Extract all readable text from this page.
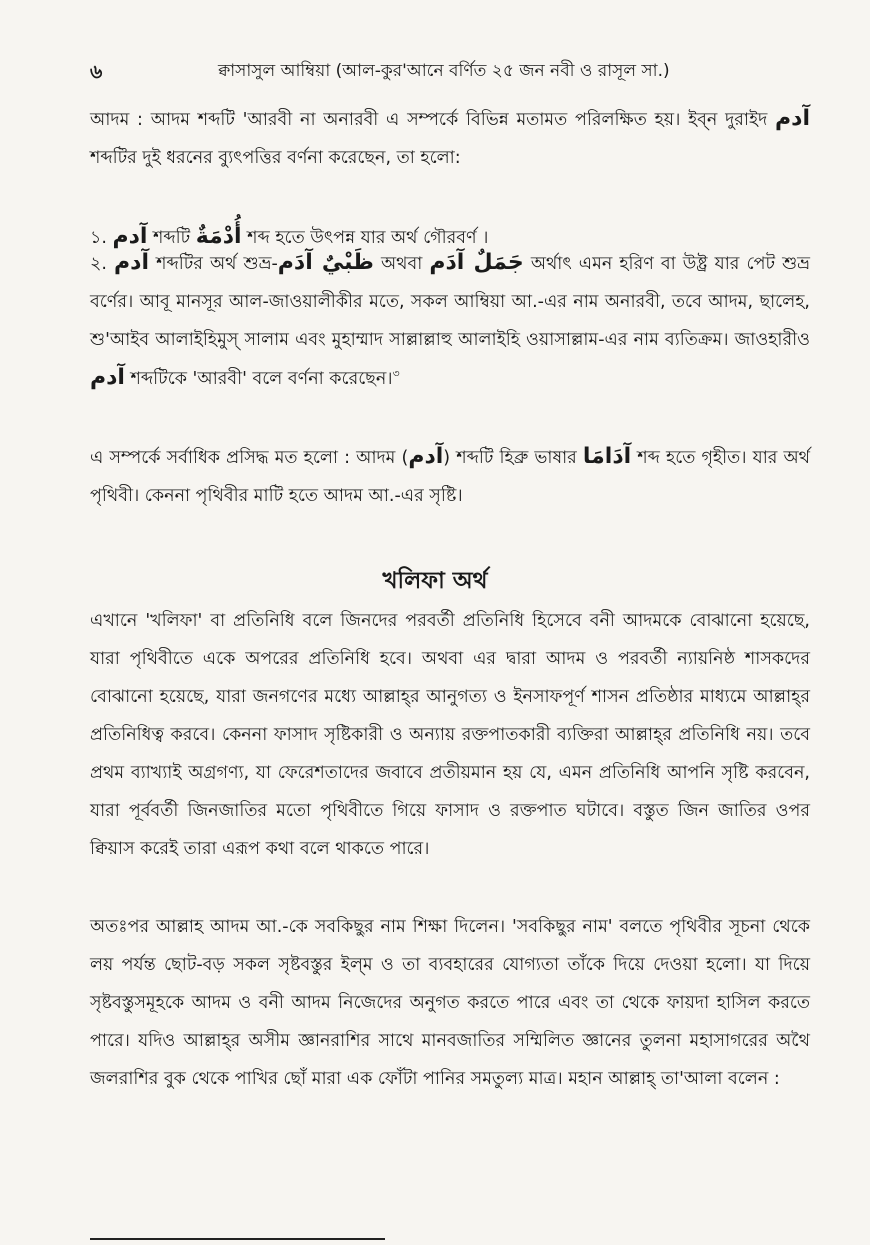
৬	ক্বাসাসুল আম্বিয়া (আল-কুর'আনে বর্ণিত ২৫ জন নবী ও রাসূল সা.)

আদম : আদম শব্দটি 'আরবী না অনারবী এ সম্পর্কে বিভিন্ন মতামত পরিলক্ষিত হয়। ইব্‌ন দুরাইদ آدم শব্দটির দুই ধরনের ব্যুৎপত্তির বর্ণনা করেছেন, তা হলো:

১. آدم শব্দটি أُدْمَةٌ শব্দ হতে উৎপন্ন যার অর্থ গৌরবর্ণ ।

২. آدم শব্দটির অর্থ শুভ্র-ظَبْيٌ آدَم অথবা جَمَلٌ آدَم অর্থাৎ এমন হরিণ বা উষ্ট্র যার পেট শুভ্র বর্ণের। আবূ মানসূর আল-জাওয়ালীকীর মতে, সকল আম্বিয়া আ.-এর নাম অনারবী, তবে আদম, ছালেহ, শু'আইব আলাইহিমুস্ সালাম এবং মুহাম্মাদ সাল্লাল্লাহু আলাইহি ওয়াসাল্লাম-এর নাম ব্যতিক্রম। জাওহারীও آدم শব্দটিকে 'আরবী' বলে বর্ণনা করেছেন।$^৩$

এ সম্পর্কে সর্বাধিক প্রসিদ্ধ মত হলো : আদম (آدم) শব্দটি হিব্রু ভাষার آدَامَا শব্দ হতে গৃহীত। যার অর্থ পৃথিবী। কেননা পৃথিবীর মাটি হতে আদম আ.-এর সৃষ্টি।

খলিফা অর্থ

এখানে 'খলিফা' বা প্রতিনিধি বলে জিনদের পরবর্তী প্রতিনিধি হিসেবে বনী আদমকে বোঝানো হয়েছে, যারা পৃথিবীতে একে অপরের প্রতিনিধি হবে। অথবা এর দ্বারা আদম ও পরবর্তী ন্যায়নিষ্ঠ শাসকদের বোঝানো হয়েছে, যারা জনগণের মধ্যে আল্লাহ্‌র আনুগত্য ও ইনসাফপূর্ণ শাসন প্রতিষ্ঠার মাধ্যমে আল্লাহ্‌র প্রতিনিধিত্ব করবে। কেননা ফাসাদ সৃষ্টিকারী ও অন্যায় রক্তপাতকারী ব্যক্তিরা আল্লাহ্‌র প্রতিনিধি নয়। তবে প্রথম ব্যাখ্যাই অগ্রগণ্য, যা ফেরেশতাদের জবাবে প্রতীয়মান হয় যে, এমন প্রতিনিধি আপনি সৃষ্টি করবেন, যারা পূর্ববর্তী জিনজাতির মতো পৃথিবীতে গিয়ে ফাসাদ ও রক্তপাত ঘটাবে। বস্তুত জিন জাতির ওপর ক্বিয়াস করেই তারা এরূপ কথা বলে থাকতে পারে।

অতঃপর আল্লাহ আদম আ.-কে সবকিছুর নাম শিক্ষা দিলেন। 'সবকিছুর নাম' বলতে পৃথিবীর সূচনা থেকে লয় পর্যন্ত ছোট-বড় সকল সৃষ্টবস্তুর ইল্‌ম ও তা ব্যবহারের যোগ্যতা তাঁকে দিয়ে দেওয়া হলো। যা দিয়ে সৃষ্টবস্তুসমূহকে আদম ও বনী আদম নিজেদের অনুগত করতে পারে এবং তা থেকে ফায়দা হাসিল করতে পারে। যদিও আল্লাহ্‌র অসীম জ্ঞানরাশির সাথে মানবজাতির সম্মিলিত জ্ঞানের তুলনা মহাসাগরের অথৈ জলরাশির বুক থেকে পাখির ছোঁ মারা এক ফোঁটা পানির সমতুল্য মাত্র। মহান আল্লাহ্ তা'আলা বলেন :
